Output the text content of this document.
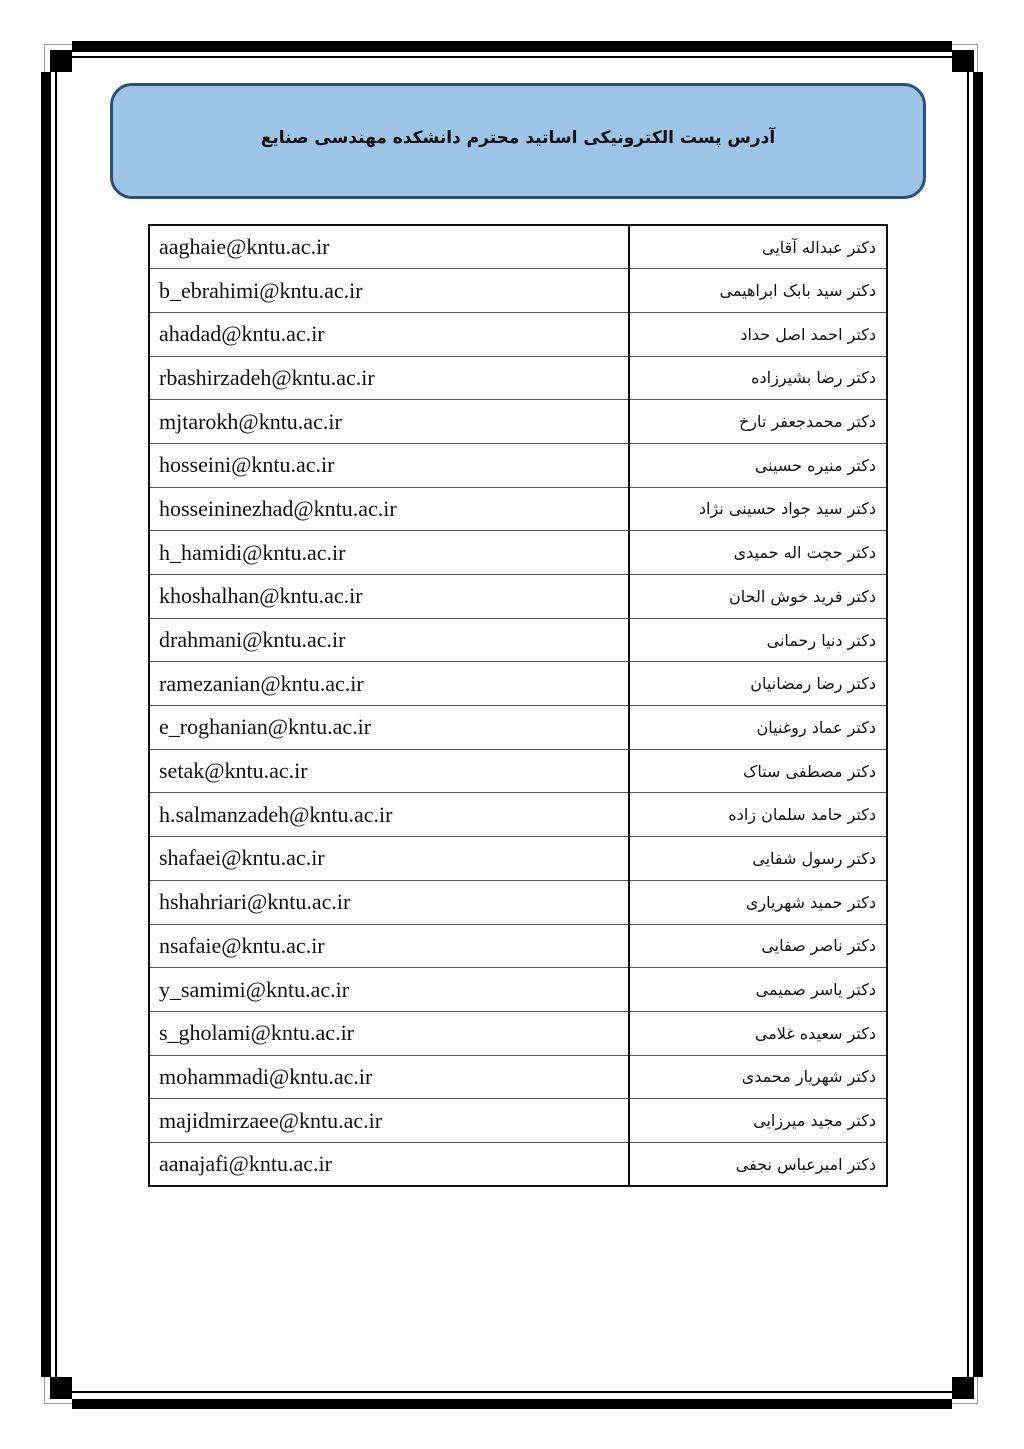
آدرس پست الکترونیکی اساتید محترم دانشکده مهندسی صنایع
aaghaie@kntu.ac.ir	دکتر عبداله آقایی
b_ebrahimi@kntu.ac.ir	دکتر سید بابک ابراهیمی
ahadad@kntu.ac.ir	دکتر احمد اصل حداد
rbashirzadeh@kntu.ac.ir	دکتر رضا بشیرزاده
mjtarokh@kntu.ac.ir	دکتر محمدجعفر تارخ
hosseini@kntu.ac.ir	دکتر منیره حسینی
hosseininezhad@kntu.ac.ir	دکتر سید جواد حسینی نژاد
h_hamidi@kntu.ac.ir	دکتر حجت اله حمیدی
khoshalhan@kntu.ac.ir	دکتر فرید خوش الحان
drahmani@kntu.ac.ir	دکتر دنیا رحمانی
ramezanian@kntu.ac.ir	دکتر رضا رمضانیان
e_roghanian@kntu.ac.ir	دکتر عماد روغنیان
setak@kntu.ac.ir	دکتر مصطفی ستاک
h.salmanzadeh@kntu.ac.ir	دکتر حامد سلمان زاده
shafaei@kntu.ac.ir	دکتر رسول شفایی
hshahriari@kntu.ac.ir	دکتر حمید شهریاری
nsafaie@kntu.ac.ir	دکتر ناصر صفایی
y_samimi@kntu.ac.ir	دکتر یاسر صمیمی
s_gholami@kntu.ac.ir	دکتر سعیده غلامی
mohammadi@kntu.ac.ir	دکتر شهریار محمدی
majidmirzaee@kntu.ac.ir	دکتر مجید میرزایی
aanajafi@kntu.ac.ir	دکتر امیرعباس نجفی
